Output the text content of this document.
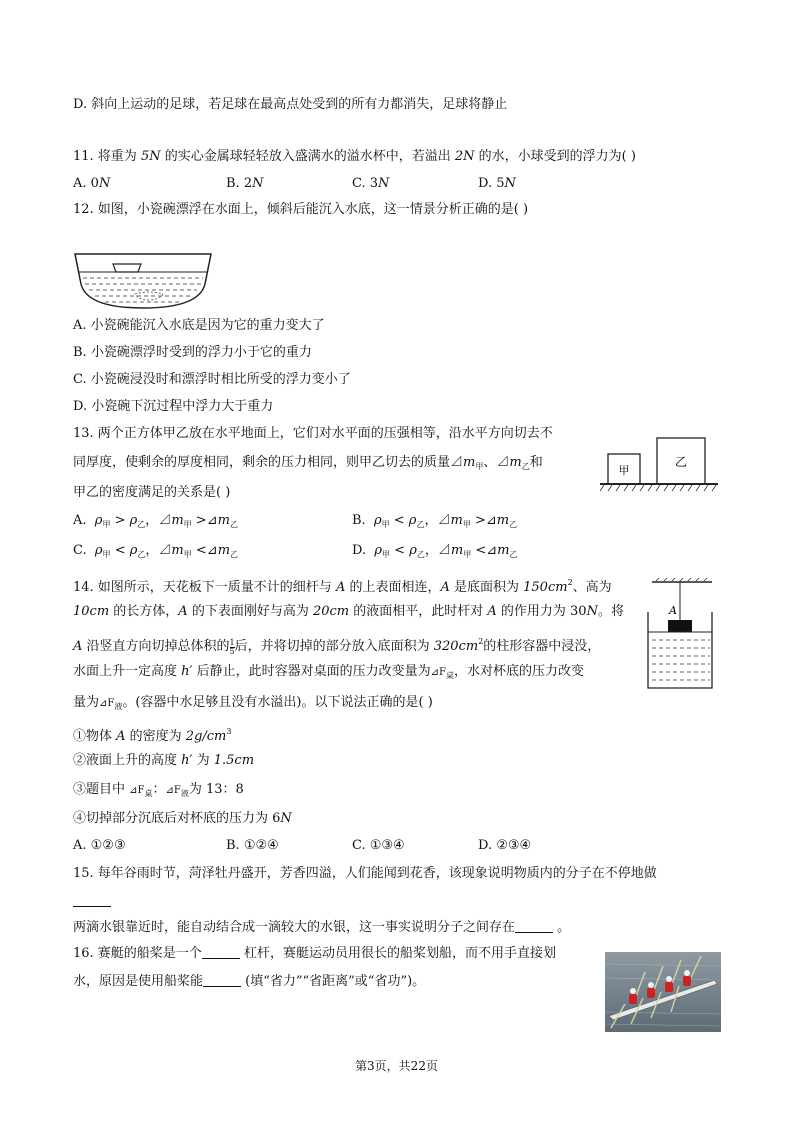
D. 斜向上运动的足球，若足球在最高点处受到的所有力都消失，足球将静止
11. 将重为 5N 的实心金属球轻轻放入盛满水的溢水杯中，若溢出 2N 的水，小球受到的浮力为( )
A. 0N	B. 2N	C. 3N	D. 5N
12. 如图，小瓷碗漂浮在水面上，倾斜后能沉入水底，这一情景分析正确的是( )
A. 小瓷碗能沉入水底是因为它的重力变大了
B. 小瓷碗漂浮时受到的浮力小于它的重力
C. 小瓷碗浸没时和漂浮时相比所受的浮力变小了
D. 小瓷碗下沉过程中浮力大于重力
13. 两个正方体甲乙放在水平地面上，它们对水平面的压强相等，沿水平方向切去不
同厚度，使剩余的厚度相同，剩余的压力相同，则甲乙切去的质量$⊿m_甲$、$⊿m_乙$和
甲乙的密度满足的关系是( )
甲
乙
A. $\rho_甲 > \rho_乙$，$⊿m_甲$ $>⊿m_乙$	B. $\rho_甲 < \rho_乙$，$⊿m_甲$ $>⊿m_乙$
C. $\rho_甲 < \rho_乙$，$⊿m_甲$ $<⊿m_乙$	D. $\rho_甲 < \rho_乙$，$⊿m_甲$ $<⊿m_乙$
14. 如图所示，天花板下一质量不计的细杆与 A 的上表面相连，A 是底面积为 $150cm^2$、高为
10cm 的长方体，A 的下表面刚好与高为 20cm 的液面相平，此时杆对 A 的作用力为 30N。将
A 沿竖直方向切掉总体积的 $\frac{1}{5}$ 后，并将切掉的部分放入底面积为 $320cm^2$的柱形容器中浸没，
水面上升一定高度 h′ 后静止，此时容器对桌面的压力改变量为$⊿F_桌$，水对杯底的压力改变
量为$⊿F_液$。(容器中水足够且没有水溢出)。以下说法正确的是( )
A
①物体 A 的密度为 $2g/cm^3$
②液面上升的高度 h′ 为 1.5cm
③题目中 $⊿F_桌$：$⊿F_液$为 13：8
④切掉部分沉底后对杯底的压力为 6N
A. ①②③	B. ①②④	C. ①③④	D. ②③④
15. 每年谷雨时节，菏泽牡丹盛开，芳香四溢，人们能闻到花香，该现象说明物质内的分子在不停地做
两滴水银靠近时，能自动结合成一滴较大的水银，这一事实说明分子之间存在	。
16. 赛艇的船桨是一个	杠杆，赛艇运动员用很长的船桨划船，而不用手直接划
水，原因是使用船桨能	(填“省力”“省距离”或“省功”)。
第3页，共22页
